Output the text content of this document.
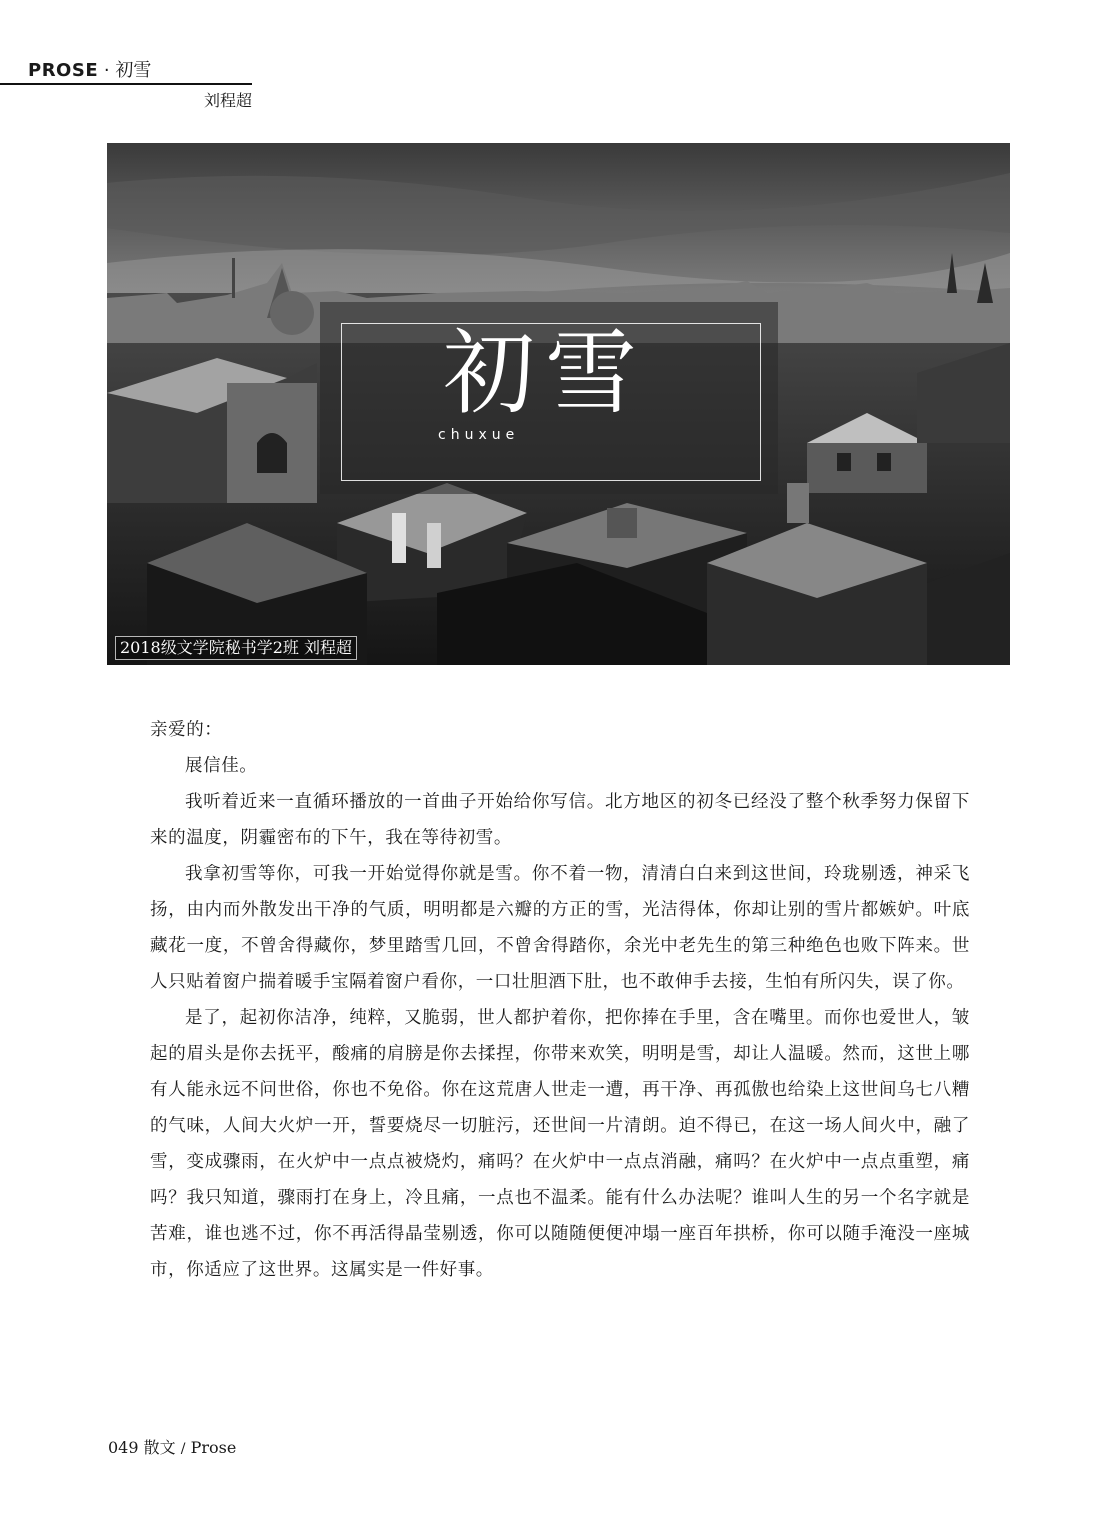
PROSE · 初雪
刘程超
初雪
chuxue
2018级文学院秘书学2班 刘程超

亲爱的：

展信佳。

我听着近来一直循环播放的一首曲子开始给你写信。北方地区的初冬已经没了整个秋季努力保留下来的温度，阴霾密布的下午，我在等待初雪。

我拿初雪等你，可我一开始觉得你就是雪。你不着一物，清清白白来到这世间，玲珑剔透，神采飞扬，由内而外散发出干净的气质，明明都是六瓣的方正的雪，光洁得体，你却让别的雪片都嫉妒。叶底藏花一度，不曾舍得藏你，梦里踏雪几回，不曾舍得踏你，余光中老先生的第三种绝色也败下阵来。世人只贴着窗户揣着暖手宝隔着窗户看你，一口壮胆酒下肚，也不敢伸手去接，生怕有所闪失，误了你。

是了，起初你洁净，纯粹，又脆弱，世人都护着你，把你捧在手里，含在嘴里。而你也爱世人，皱起的眉头是你去抚平，酸痛的肩膀是你去揉捏，你带来欢笑，明明是雪，却让人温暖。然而，这世上哪有人能永远不问世俗，你也不免俗。你在这荒唐人世走一遭，再干净、再孤傲也给染上这世间乌七八糟的气味，人间大火炉一开，誓要烧尽一切脏污，还世间一片清朗。迫不得已，在这一场人间火中，融了雪，变成骤雨，在火炉中一点点被烧灼，痛吗？在火炉中一点点消融，痛吗？在火炉中一点点重塑，痛吗？我只知道，骤雨打在身上，冷且痛，一点也不温柔。能有什么办法呢？谁叫人生的另一个名字就是苦难，谁也逃不过，你不再活得晶莹剔透，你可以随随便便冲塌一座百年拱桥，你可以随手淹没一座城市，你适应了这世界。这属实是一件好事。

049 散文 / Prose
